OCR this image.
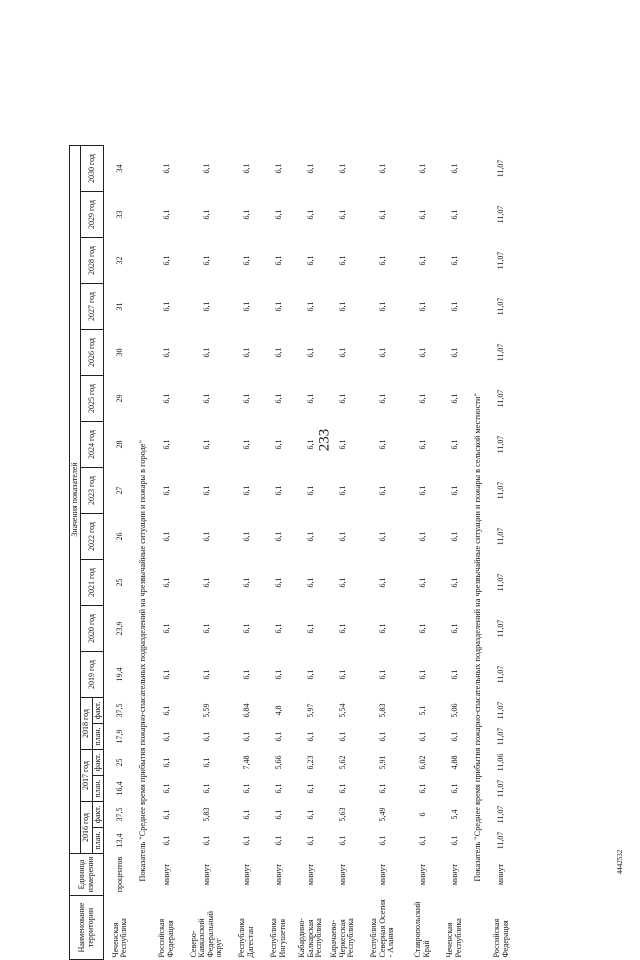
233
4442532
Наименование территории	Единица измерения	Значения показателей																	
		2016 год		2017 год		2018 год		2019 год	2020 год	2021 год	2022 год	2023 год	2024 год	2025 год	2026 год	2027 год	2028 год	2029 год	2030 год
		план.	факт.	план.	факт.	план.	факт.												
Чеченская Республика	процентов	13,4	37,5	16,4	25	17,9	37,5	19,4	23,9	25	26	27	28	29	30	31	32	33	34
Показатель "Среднее время прибытия пожарно-спасательных подразделений на чрезвычайные ситуации и пожары в городе"																			
Российская Федерация	минут	6,1	6,1	6,1	6,1	6,1	6,1	6,1	6,1	6,1	6,1	6,1	6,1	6,1	6,1	6,1	6,1	6,1	6,1
Северо-Кавказский Федеральный округ	минут	6,1	5,83	6,1	6,1	6,1	5,59	6,1	6,1	6,1	6,1	6,1	6,1	6,1	6,1	6,1	6,1	6,1	6,1
Республика Дагестан	минут	6,1	6,1	6,1	7,48	6,1	6,84	6,1	6,1	6,1	6,1	6,1	6,1	6,1	6,1	6,1	6,1	6,1	6,1
Республика Ингушетия	минут	6,1	6,1	6,1	5,66	6,1	4,8	6,1	6,1	6,1	6,1	6,1	6,1	6,1	6,1	6,1	6,1	6,1	6,1
Кабардино-Балкарская Республика	минут	6,1	6,1	6,1	6,23	6,1	5,97	6,1	6,1	6,1	6,1	6,1	6,1	6,1	6,1	6,1	6,1	6,1	6,1
Карачаево-Черкесская Республика	минут	6,1	5,63	6,1	5,62	6,1	5,54	6,1	6,1	6,1	6,1	6,1	6,1	6,1	6,1	6,1	6,1	6,1	6,1
Республика Северная Осетия - Алания	минут	6,1	5,49	6,1	5,91	6,1	5,83	6,1	6,1	6,1	6,1	6,1	6,1	6,1	6,1	6,1	6,1	6,1	6,1
Ставропольский Край	минут	6,1	6	6,1	6,02	6,1	5,1	6,1	6,1	6,1	6,1	6,1	6,1	6,1	6,1	6,1	6,1	6,1	6,1
Чеченская Республика	минут	6,1	5,4	6,1	4,88	6,1	5,06	6,1	6,1	6,1	6,1	6,1	6,1	6,1	6,1	6,1	6,1	6,1	6,1
Показатель "Среднее время прибытия пожарно-спасательных подразделений на чрезвычайные ситуации и пожары в сельской местности"																			
Российская Федерация	минут	11,07	11,07	11,07	11,06	11,07	11,07	11,07	11,07	11,07	11,07	11,07	11,07	11,07	11,07	11,07	11,07	11,07	11,07
